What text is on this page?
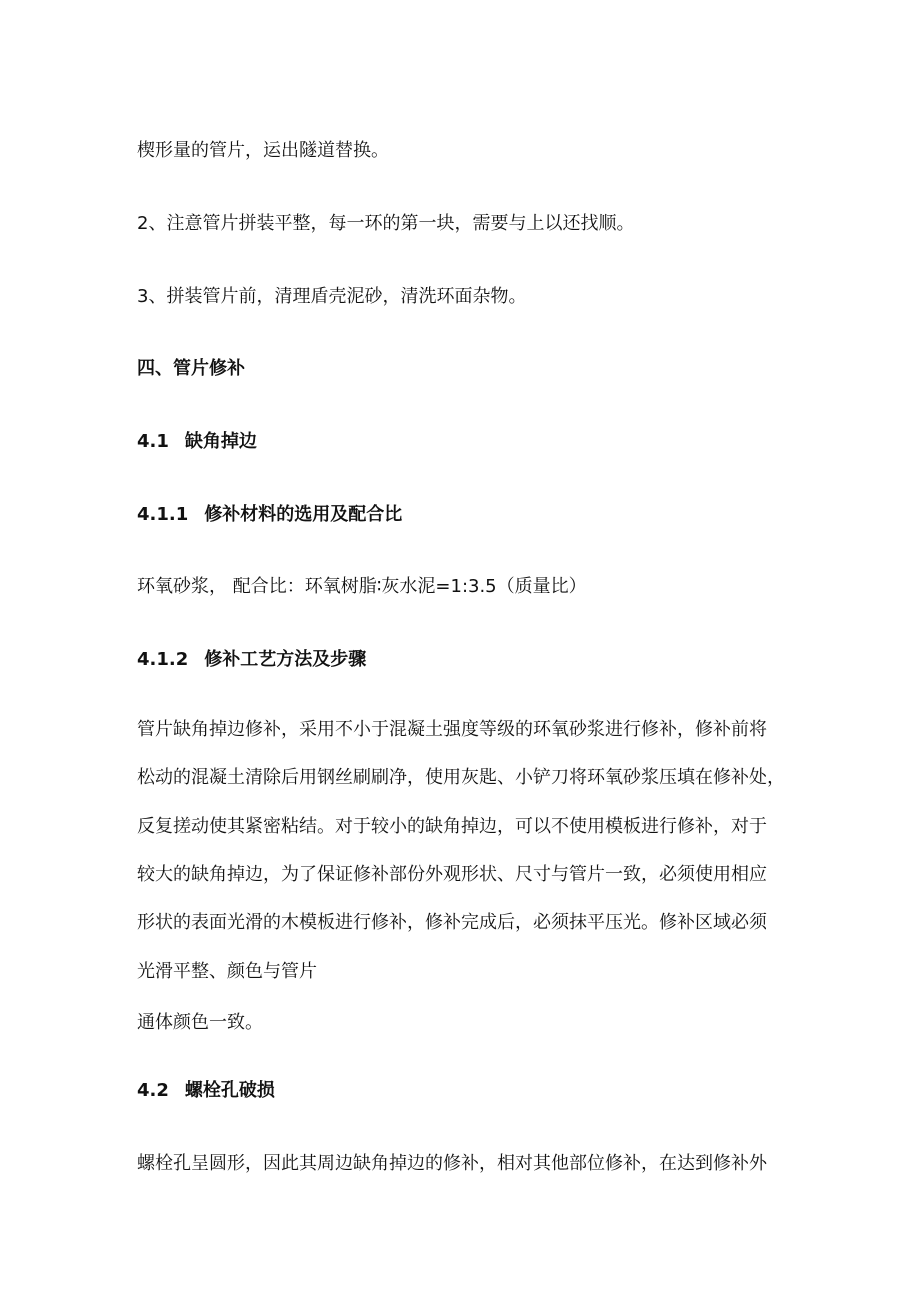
楔形量的管片，运出隧道替换。

2、注意管片拼装平整，每一环的第一块，需要与上以还找顺。

3、拼装管片前，清理盾壳泥砂，清洗环面杂物。

四、管片修补

4.1 缺角掉边

4.1.1 修补材料的选用及配合比

环氧砂浆， 配合比：环氧树脂∶灰水泥=1:3.5（质量比）

4.1.2 修补工艺方法及步骤

管片缺角掉边修补，采用不小于混凝土强度等级的环氧砂浆进行修补，修补前将

松动的混凝土清除后用钢丝刷刷净，使用灰匙、小铲刀将环氧砂浆压填在修补处，

反复搓动使其紧密粘结。对于较小的缺角掉边，可以不使用模板进行修补，对于

较大的缺角掉边，为了保证修补部份外观形状、尺寸与管片一致，必须使用相应

形状的表面光滑的木模板进行修补，修补完成后，必须抹平压光。修补区域必须

光滑平整、颜色与管片

通体颜色一致。

4.2 螺栓孔破损

螺栓孔呈圆形，因此其周边缺角掉边的修补，相对其他部位修补，在达到修补外
